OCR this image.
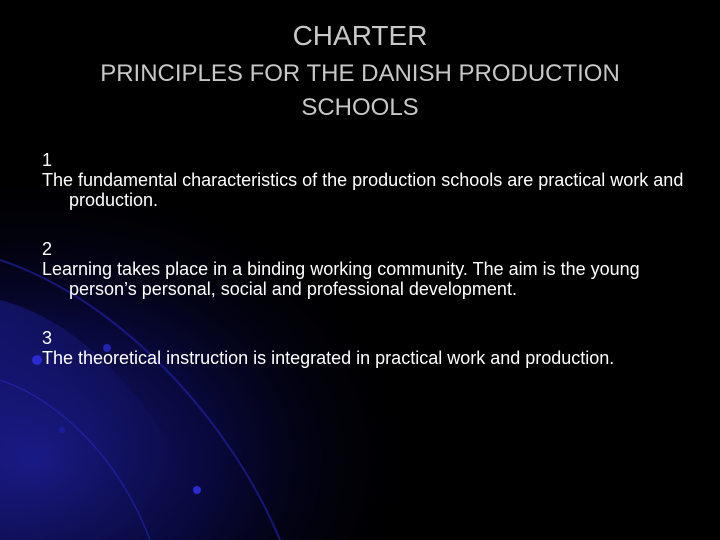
CHARTER
PRINCIPLES FOR THE DANISH PRODUCTION SCHOOLS
1
The fundamental characteristics of the production schools are practical work and production.
2
Learning takes place in a binding working community. The aim is the young person’s personal, social and professional development.
3
The theoretical instruction is integrated in practical work and production.
